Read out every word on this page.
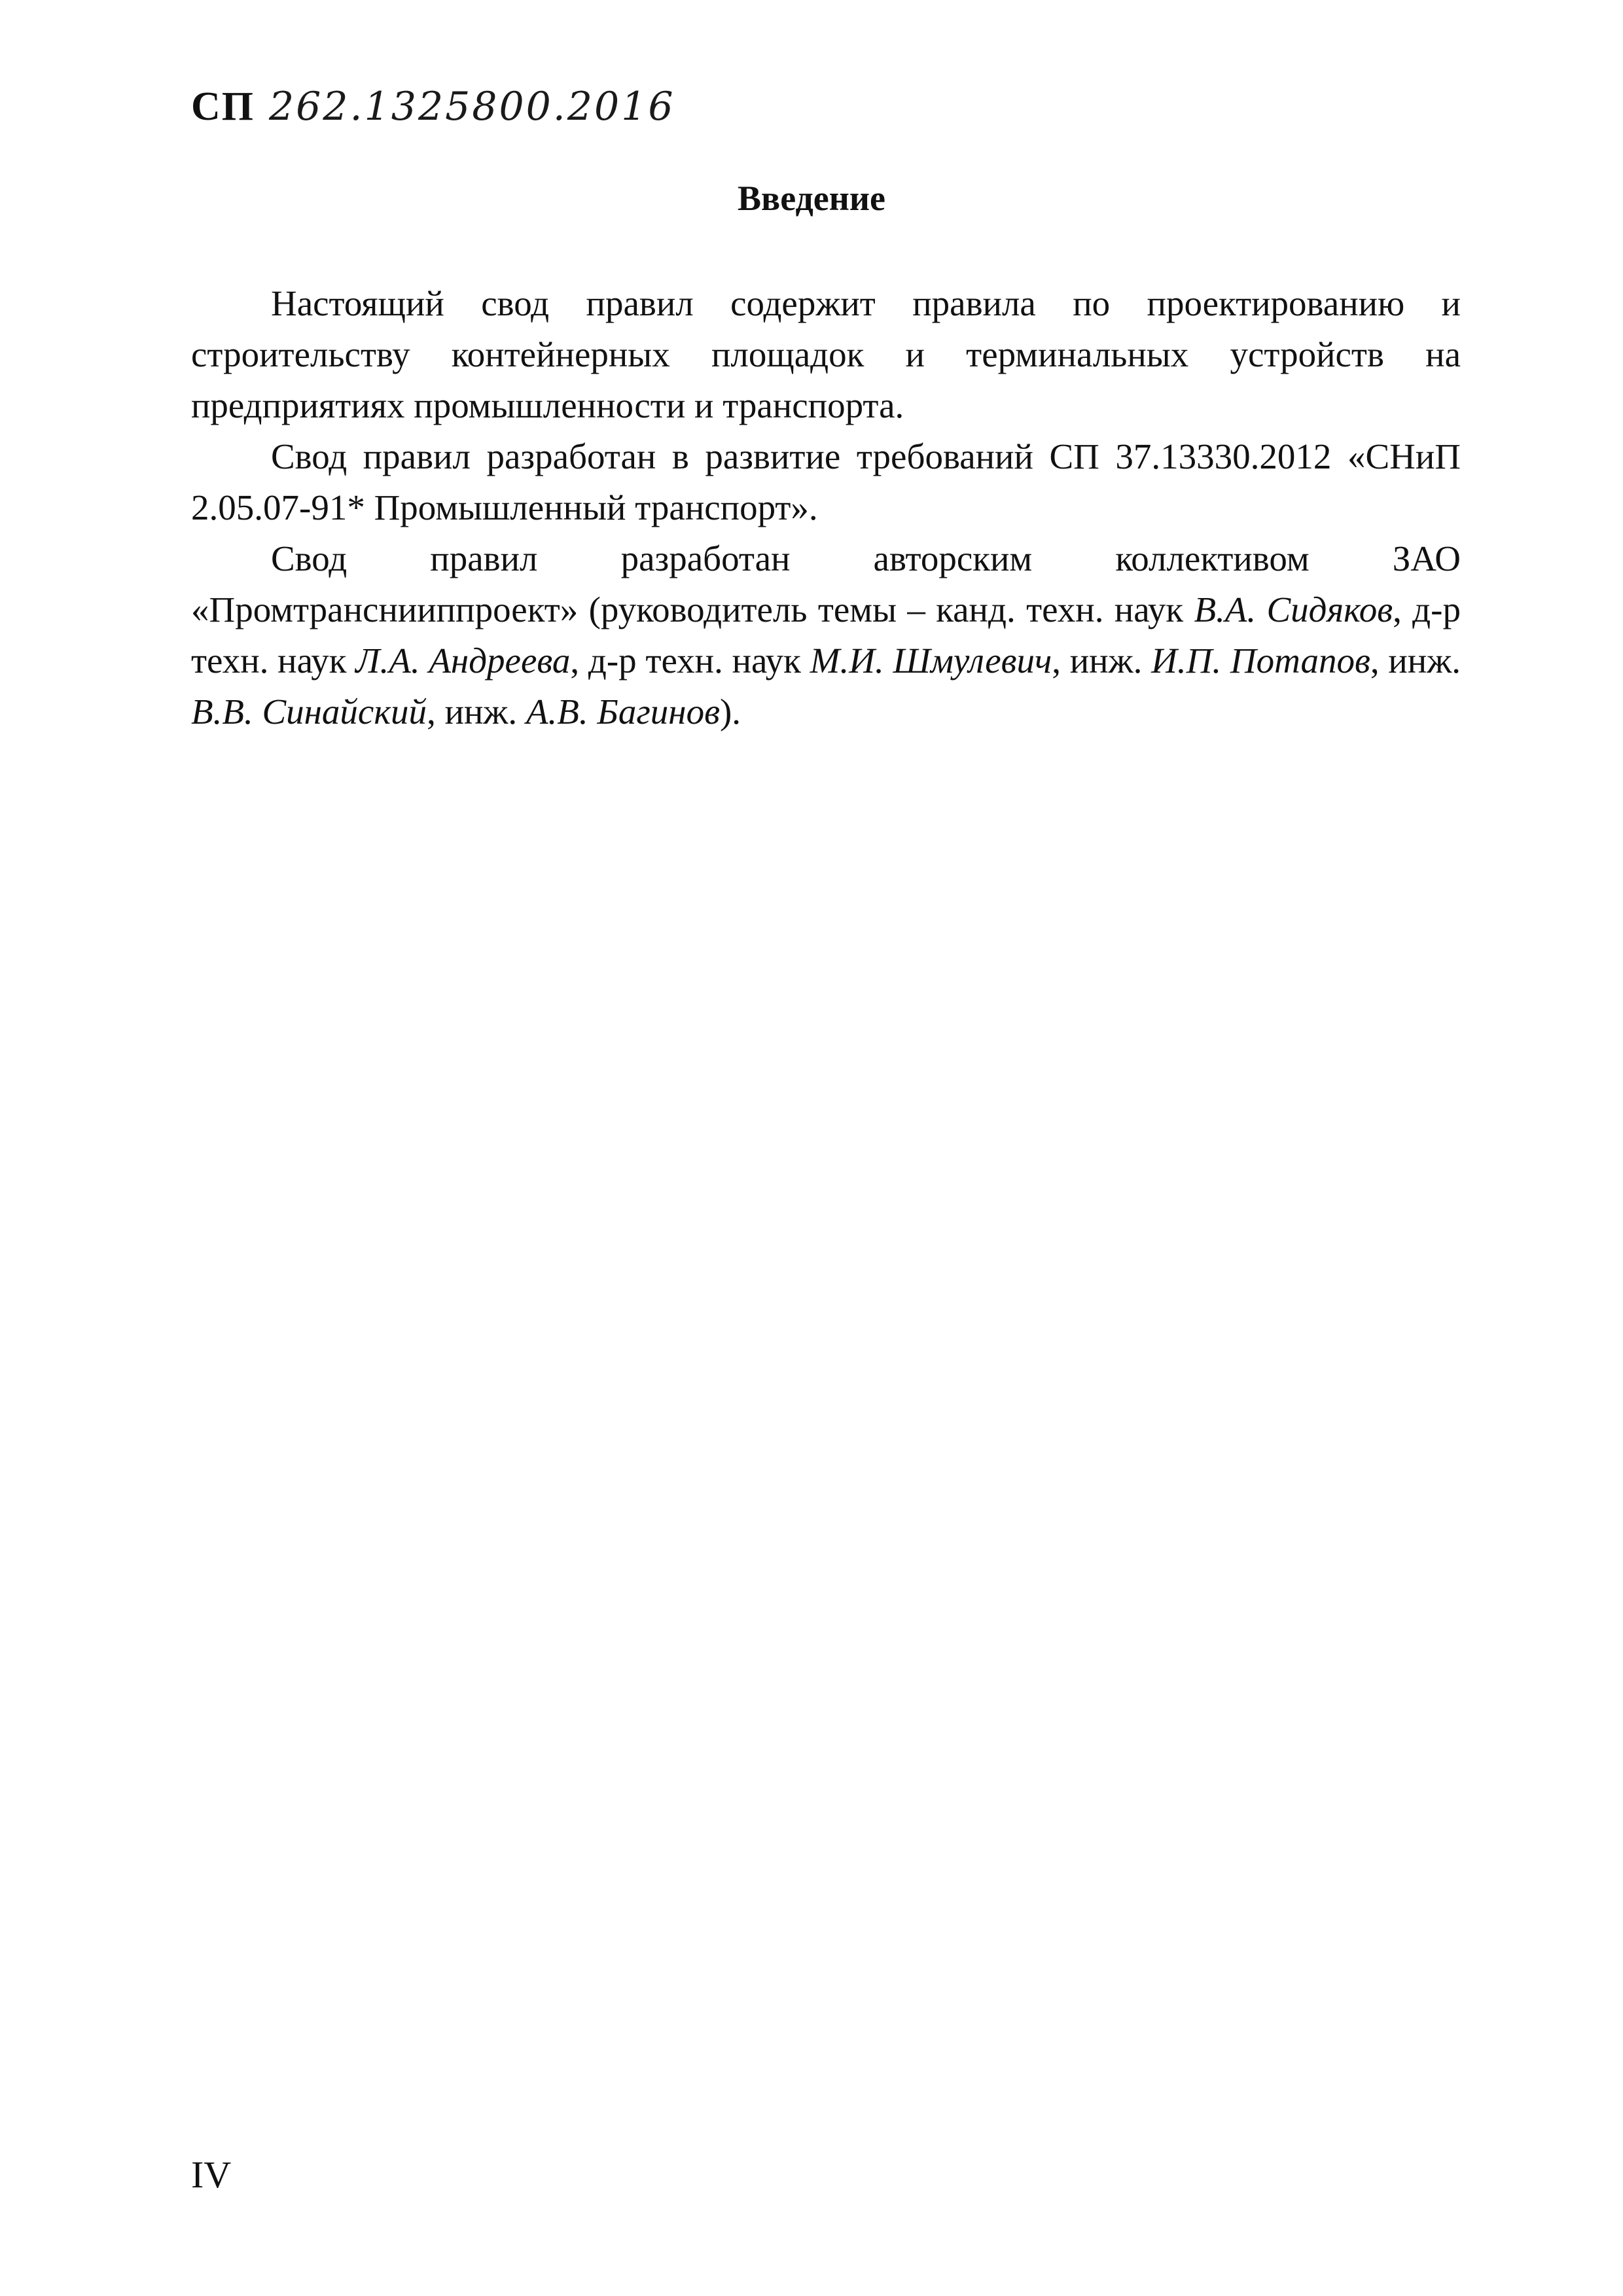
СП 262.1325800.2016
Введение

Настоящий свод правил содержит правила по проектированию и строительству контейнерных площадок и терминальных устройств на предприятиях промышленности и транспорта.

Свод правил разработан в развитие требований СП 37.13330.2012 «СНиП 2.05.07-91* Промышленный транспорт».

Свод правил разработан авторским коллективом ЗАО «Промтранснииппроект» (руководитель темы – канд. техн. наук В.А. Сидяков, д-р техн. наук Л.А. Андреева, д-р техн. наук М.И. Шмулевич, инж. И.П. Потапов, инж. В.В. Синайский, инж. А.В. Багинов).

IV
